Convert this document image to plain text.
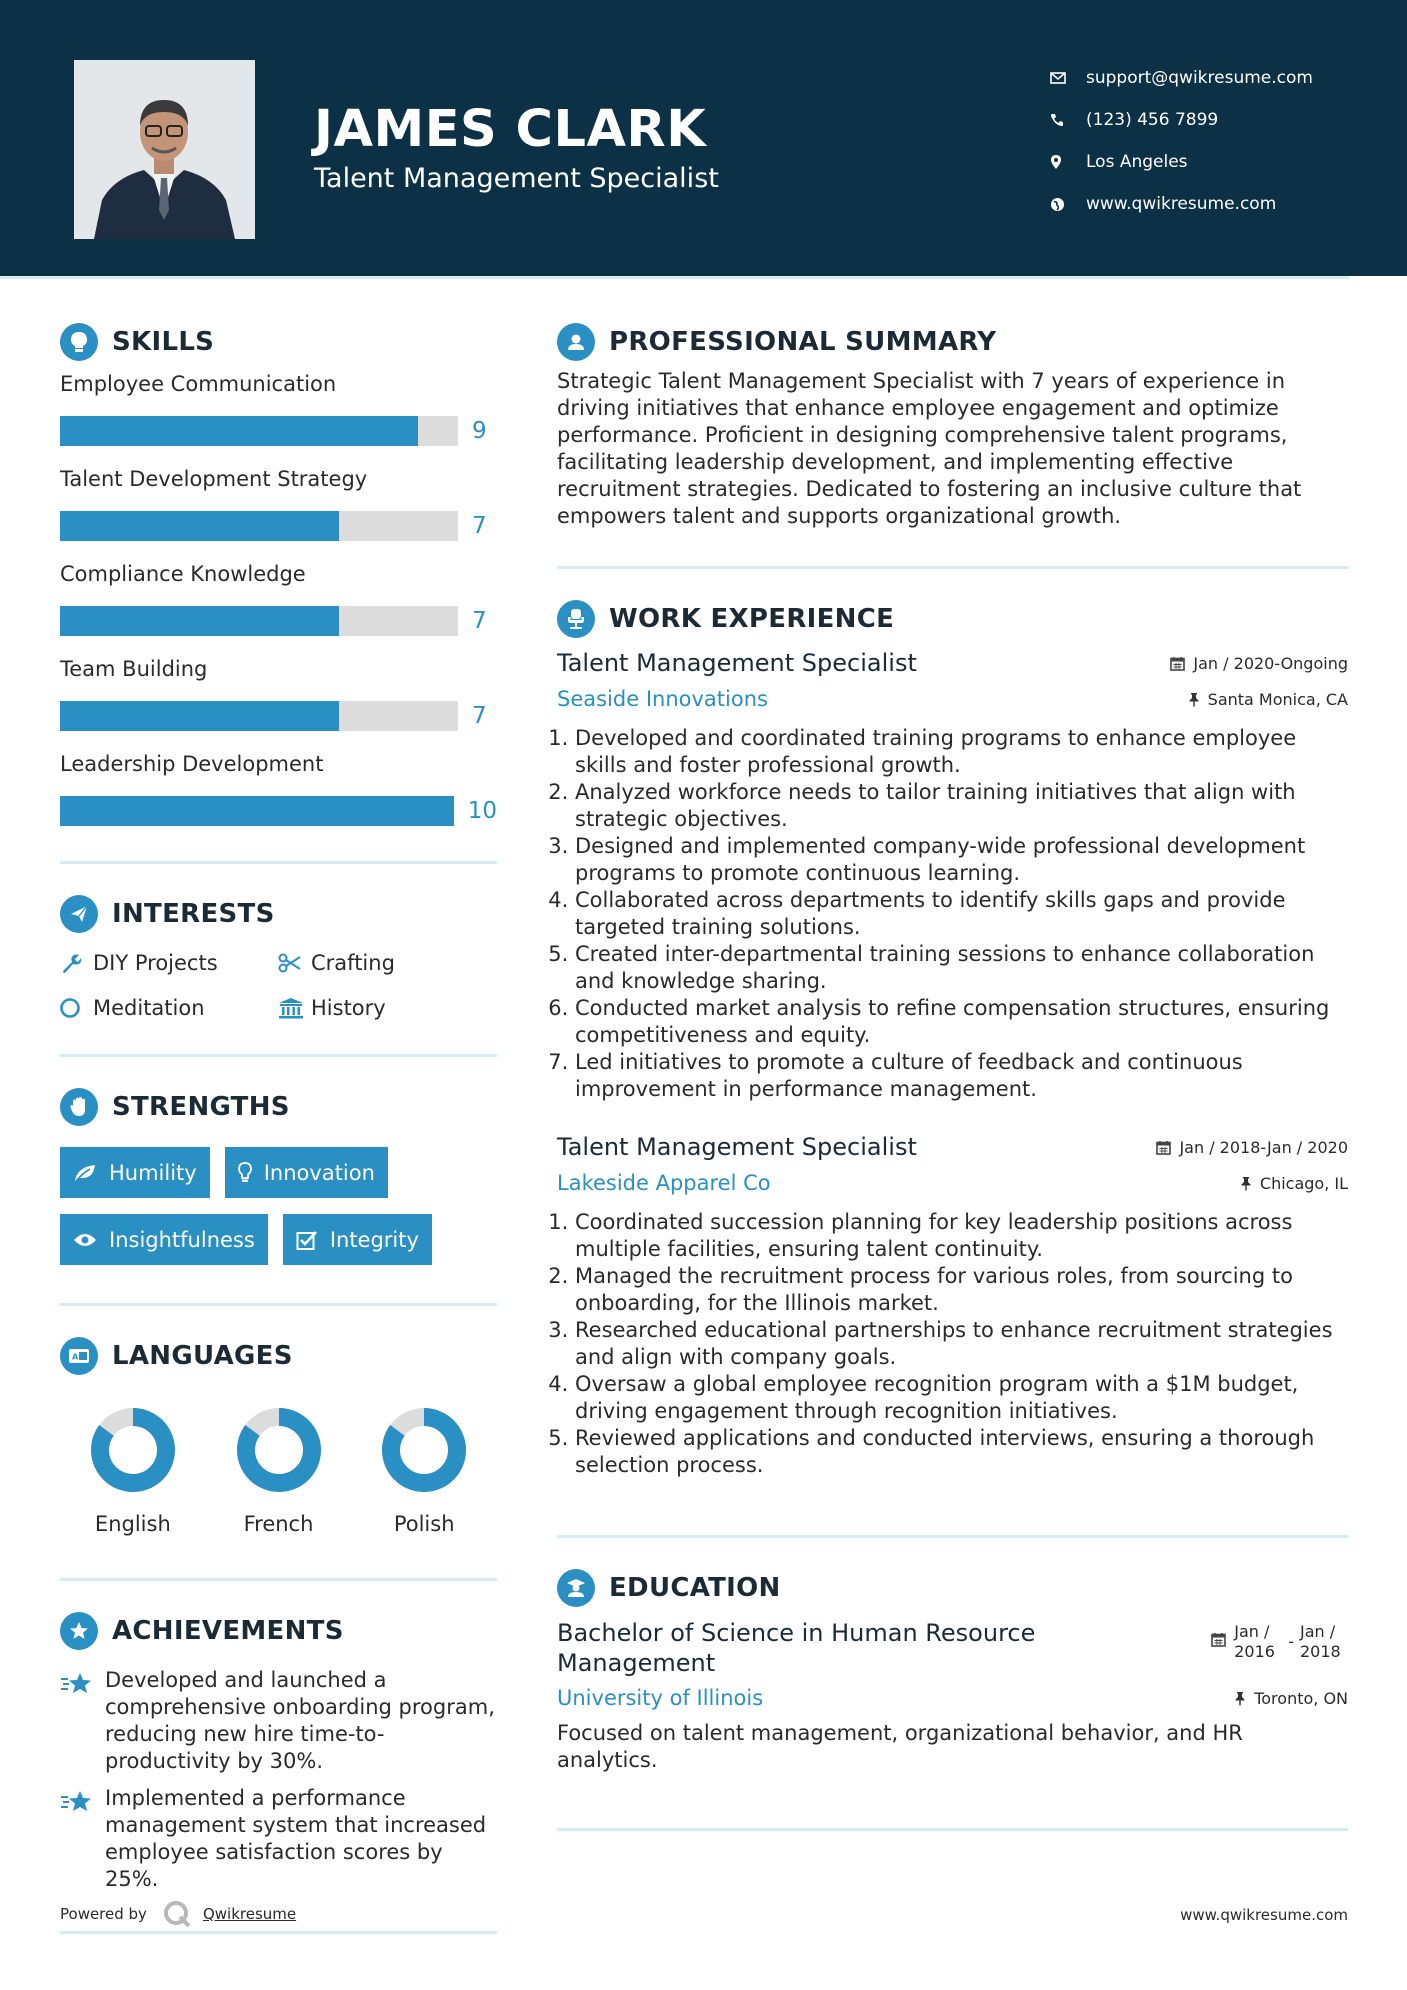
JAMES CLARK
Talent Management Specialist
support@qwikresume.com
(123) 456 7899
Los Angeles
www.qwikresume.com
SKILLS
Employee Communication
9
Talent Development Strategy
7
Compliance Knowledge
7
Team Building
7
Leadership Development
10
INTERESTS
DIY Projects	Crafting
Meditation	History
STRENGTHS
Humility	Innovation
Insightfulness	Integrity
A LANGUAGES
English	French	Polish
ACHIEVEMENTS
Developed and launched a comprehensive onboarding program, reducing new hire time-to-productivity by 30%.
Implemented a performance management system that increased employee satisfaction scores by 25%.
PROFESSIONAL SUMMARY

Strategic Talent Management Specialist with 7 years of experience in driving initiatives that enhance employee engagement and optimize performance. Proficient in designing comprehensive talent programs, facilitating leadership development, and implementing effective recruitment strategies. Dedicated to fostering an inclusive culture that empowers talent and supports organizational growth.

WORK EXPERIENCE
Talent Management Specialist	Jan / 2020-Ongoing
Seaside Innovations	Santa Monica, CA
1. Developed and coordinated training programs to enhance employee skills and foster professional growth.
2. Analyzed workforce needs to tailor training initiatives that align with strategic objectives.
3. Designed and implemented company-wide professional development programs to promote continuous learning.
4. Collaborated across departments to identify skills gaps and provide targeted training solutions.
5. Created inter-departmental training sessions to enhance collaboration and knowledge sharing.
6. Conducted market analysis to refine compensation structures, ensuring competitiveness and equity.
7. Led initiatives to promote a culture of feedback and continuous improvement in performance management.
Talent Management Specialist	Jan / 2018-Jan / 2020
Lakeside Apparel Co	Chicago, IL
1. Coordinated succession planning for key leadership positions across multiple facilities, ensuring talent continuity.
2. Managed the recruitment process for various roles, from sourcing to onboarding, for the Illinois market.
3. Researched educational partnerships to enhance recruitment strategies and align with company goals.
4. Oversaw a global employee recognition program with a $1M budget, driving engagement through recognition initiatives.
5. Reviewed applications and conducted interviews, ensuring a thorough selection process.
EDUCATION
Bachelor of Science in Human Resource Management
Jan / 2016
-
Jan / 2018
University of Illinois	Toronto, ON

Focused on talent management, organizational behavior, and HR analytics.

Powered by	Qwikresume	www.qwikresume.com
